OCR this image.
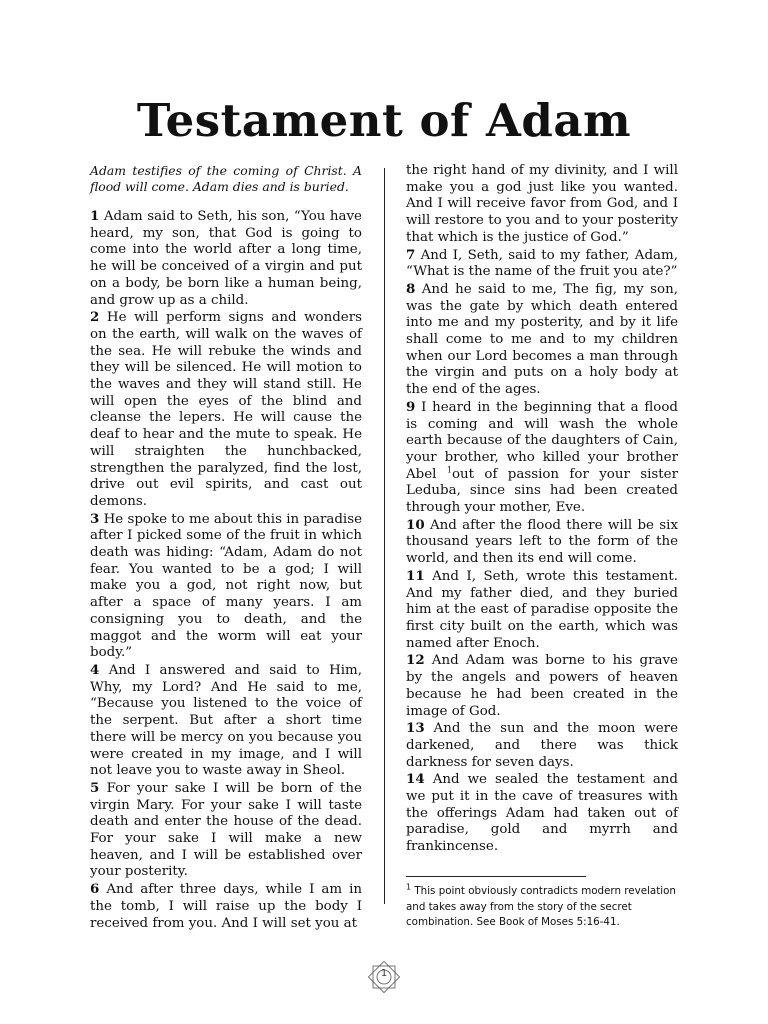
Testament of Adam

Adam testifies of the coming of Christ. A flood will come. Adam dies and is buried.

1 Adam said to Seth, his son, “You have heard, my son, that God is going to come into the world after a long time, he will be conceived of a virgin and put on a body, be born like a human being, and grow up as a child.

2 He will perform signs and wonders on the earth, will walk on the waves of the sea. He will rebuke the winds and they will be silenced. He will motion to the waves and they will stand still. He will open the eyes of the blind and cleanse the lepers. He will cause the deaf to hear and the mute to speak. He will straighten the hunchbacked, strengthen the paralyzed, find the lost, drive out evil spirits, and cast out demons.

3 He spoke to me about this in paradise after I picked some of the fruit in which death was hiding: “Adam, Adam do not fear. You wanted to be a god; I will make you a god, not right now, but after a space of many years. I am consigning you to death, and the maggot and the worm will eat your body.”

4 And I answered and said to Him, Why, my Lord? And He said to me, “Because you listened to the voice of the serpent. But after a short time there will be mercy on you because you were created in my image, and I will not leave you to waste away in Sheol.

5 For your sake I will be born of the virgin Mary. For your sake I will taste death and enter the house of the dead. For your sake I will make a new heaven, and I will be established over your posterity.

6 And after three days, while I am in the tomb, I will raise up the body I received from you. And I will set you at

the right hand of my divinity, and I will make you a god just like you wanted. And I will receive favor from God, and I will restore to you and to your posterity that which is the justice of God.”

7 And I, Seth, said to my father, Adam, “What is the name of the fruit you ate?”

8 And he said to me, The fig, my son, was the gate by which death entered into me and my posterity, and by it life shall come to me and to my children when our Lord becomes a man through the virgin and puts on a holy body at the end of the ages.

9 I heard in the beginning that a flood is coming and will wash the whole earth because of the daughters of Cain, your brother, who killed your brother Abel $^1$out of passion for your sister Leduba, since sins had been created through your mother, Eve.

10 And after the flood there will be six thousand years left to the form of the world, and then its end will come.

11 And I, Seth, wrote this testament. And my father died, and they buried him at the east of paradise opposite the first city built on the earth, which was named after Enoch.

12 And Adam was borne to his grave by the angels and powers of heaven because he had been created in the image of God.

13 And the sun and the moon were darkened, and there was thick darkness for seven days.

14 And we sealed the testament and we put it in the cave of treasures with the offerings Adam had taken out of paradise, gold and myrrh and frankincense.

$^1$ This point obviously contradicts modern revelation and takes away from the story of the secret combination. See Book of Moses 5:16-41.

1
